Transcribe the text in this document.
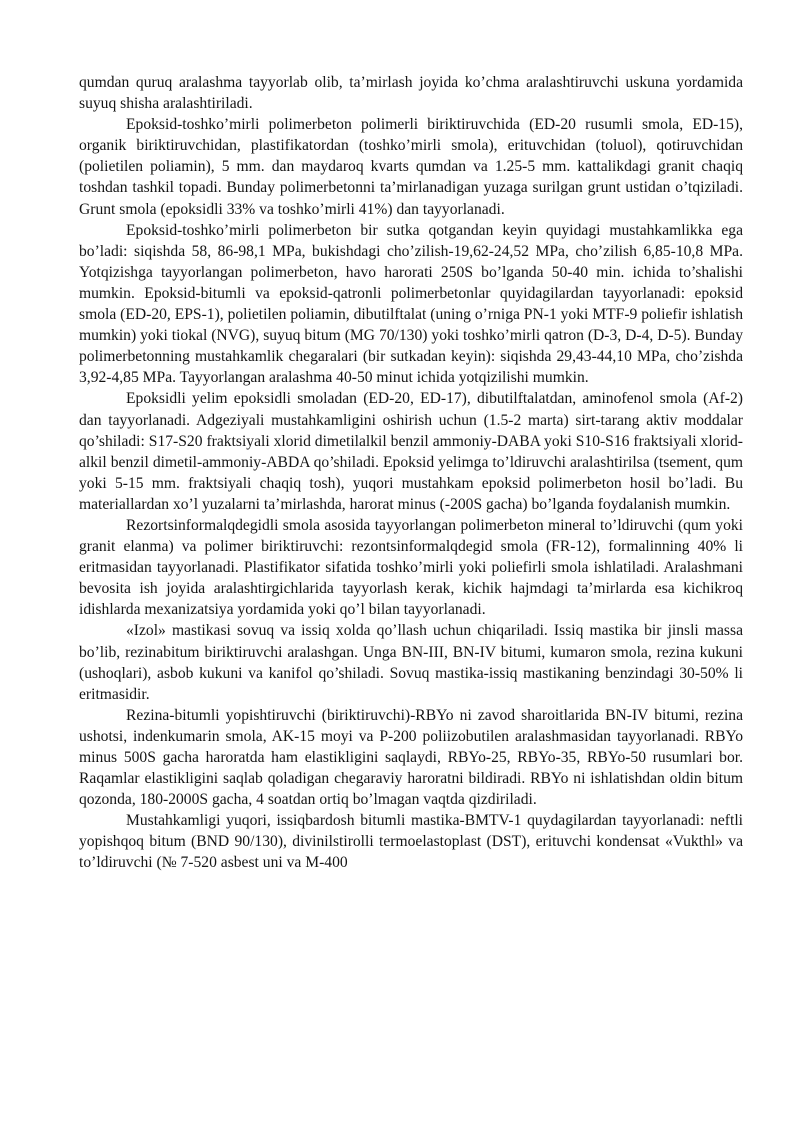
qumdan quruq aralashma tayyorlab olib, ta’mirlash joyida ko’chma aralashtiruvchi uskuna yordamida suyuq shisha aralashtiriladi.

Epoksid-toshko’mirli polimerbeton polimerli biriktiruvchida (ED-20 rusumli smola, ED-15), organik biriktiruvchidan, plastifikatordan (toshko’mirli smola), erituvchidan (toluol), qotiruvchidan (polietilen poliamin), 5 mm. dan maydaroq kvarts qumdan va 1.25-5 mm. kattalikdagi granit chaqiq toshdan tashkil topadi. Bunday polimerbetonni ta’mirlanadigan yuzaga surilgan grunt ustidan o’tqiziladi. Grunt smola (epoksidli 33% va toshko’mirli 41%) dan tayyorlanadi.

Epoksid-toshko’mirli polimerbeton bir sutka qotgandan keyin quyidagi mustahkamlikka ega bo’ladi: siqishda 58, 86-98,1 MPa, bukishdagi cho’zilish-19,62-24,52 MPa, cho’zilish 6,85-10,8 MPa. Yotqizishga tayyorlangan polimerbeton, havo harorati 250S bo’lganda 50-40 min. ichida to’shalishi mumkin. Epoksid-bitumli va epoksid-qatronli polimerbetonlar quyidagilardan tayyorlanadi: epoksid smola (ED-20, EPS-1), polietilen poliamin, dibutilftalat (uning o’rniga PN-1 yoki MTF-9 poliefir ishlatish mumkin) yoki tiokal (NVG), suyuq bitum (MG 70/130) yoki toshko’mirli qatron (D-3, D-4, D-5). Bunday polimerbetonning mustahkamlik chegaralari (bir sutkadan keyin): siqishda 29,43-44,10 MPa, cho’zishda 3,92-4,85 MPa. Tayyorlangan aralashma 40-50 minut ichida yotqizilishi mumkin.

Epoksidli yelim epoksidli smoladan (ED-20, ED-17), dibutilftalatdan, aminofenol smola (Af-2) dan tayyorlanadi. Adgeziyali mustahkamligini oshirish uchun (1.5-2 marta) sirt-tarang aktiv moddalar qo’shiladi: S17-S20 fraktsiyali xlorid dimetilalkil benzil ammoniy-DABA yoki S10-S16 fraktsiyali xlorid-alkil benzil dimetil-ammoniy-ABDA qo’shiladi. Epoksid yelimga to’ldiruvchi aralashtirilsa (tsement, qum yoki 5-15 mm. fraktsiyali chaqiq tosh), yuqori mustahkam epoksid polimerbeton hosil bo’ladi. Bu materiallardan xo’l yuzalarni ta’mirlashda, harorat minus (-200S gacha) bo’lganda foydalanish mumkin.

Rezortsinformalqdegidli smola asosida tayyorlangan polimerbeton mineral to’ldiruvchi (qum yoki granit elanma) va polimer biriktiruvchi: rezontsinformalqdegid smola (FR-12), formalinning 40% li eritmasidan tayyorlanadi. Plastifikator sifatida toshko’mirli yoki poliefirli smola ishlatiladi. Aralashmani bevosita ish joyida aralashtirgichlarida tayyorlash kerak, kichik hajmdagi ta’mirlarda esa kichikroq idishlarda mexanizatsiya yordamida yoki qo’l bilan tayyorlanadi.

«Izol» mastikasi sovuq va issiq xolda qo’llash uchun chiqariladi. Issiq mastika bir jinsli massa bo’lib, rezinabitum biriktiruvchi aralashgan. Unga BN-III, BN-IV bitumi, kumaron smola, rezina kukuni (ushoqlari), asbob kukuni va kanifol qo’shiladi. Sovuq mastika-issiq mastikaning benzindagi 30-50% li eritmasidir.

Rezina-bitumli yopishtiruvchi (biriktiruvchi)-RBYo ni zavod sharoitlarida BN-IV bitumi, rezina ushotsi, indenkumarin smola, AK-15 moyi va P-200 poliizobutilen aralashmasidan tayyorlanadi. RBYo minus 500S gacha haroratda ham elastikligini saqlaydi, RBYo-25, RBYo-35, RBYo-50 rusumlari bor. Raqamlar elastikligini saqlab qoladigan chegaraviy haroratni bildiradi. RBYo ni ishlatishdan oldin bitum qozonda, 180-2000S gacha, 4 soatdan ortiq bo’lmagan vaqtda qizdiriladi.

Mustahkamligi yuqori, issiqbardosh bitumli mastika-BMTV-1 quydagilardan tayyorlanadi: neftli yopishqoq bitum (BND 90/130), divinilstirolli termoelastoplast (DST), erituvchi kondensat «Vukthl» va to’ldiruvchi (№ 7-520 asbest uni va M-400
